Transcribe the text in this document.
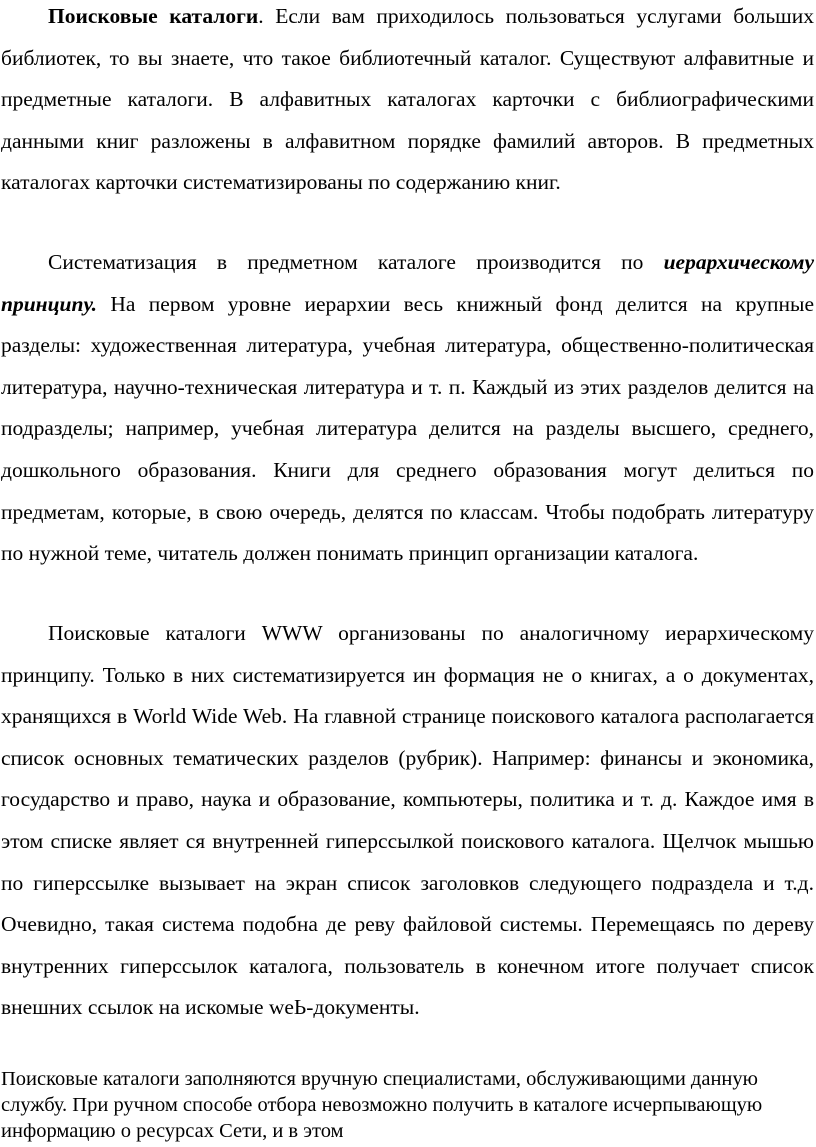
Поисковые каталоги. Если вам приходилось пользоваться услугами больших библиотек, то вы знаете, что такое библиотечный каталог. Существуют алфавитные и предметные каталоги. В алфавитных каталогах карточки с библиографическими данными книг разложены в алфавитном порядке фамилий авторов. В предметных каталогах карточки систематизированы по содержанию книг.

Систематизация в предметном каталоге производится по иерархическому принципу. На первом уровне иерархии весь книжный фонд делится на крупные разделы: художественная литература, учебная литература, общественно-политическая литература, научно-техническая литература и т. п. Каждый из этих разделов делится на подразделы; например, учебная литература делится на разделы высшего, среднего, дошкольного образования. Книги для среднего образования могут делиться по предметам, которые, в свою очередь, делятся по классам. Чтобы подобрать литературу по нужной теме, читатель должен понимать принцип организации каталога.

Поисковые каталоги WWW организованы по аналогичному иерархическому принципу. Только в них систематизируется ин формация не о книгах, а о документах, хранящихся в World Wide Web. На главной странице поискового каталога располагается список основных тематических разделов (рубрик). Например: финансы и экономика, государство и право, наука и образование, компьютеры, политика и т. д. Каждое имя в этом списке являет ся внутренней гиперссылкой поискового каталога. Щелчок мышью по гиперссылке вызывает на экран список заголовков следующего подраздела и т.д. Очевидно, такая система подобна де реву файловой системы. Перемещаясь по дереву внутренних гиперссылок каталога, пользователь в конечном итоге получает список внешних ссылок на искомые weЬ-документы.

Поисковые каталоги заполняются вручную специалистами, обслуживающими данную службу. При ручном способе отбора невозможно получить в каталоге исчерпывающую информацию о ресурсах Сети, и в этом
